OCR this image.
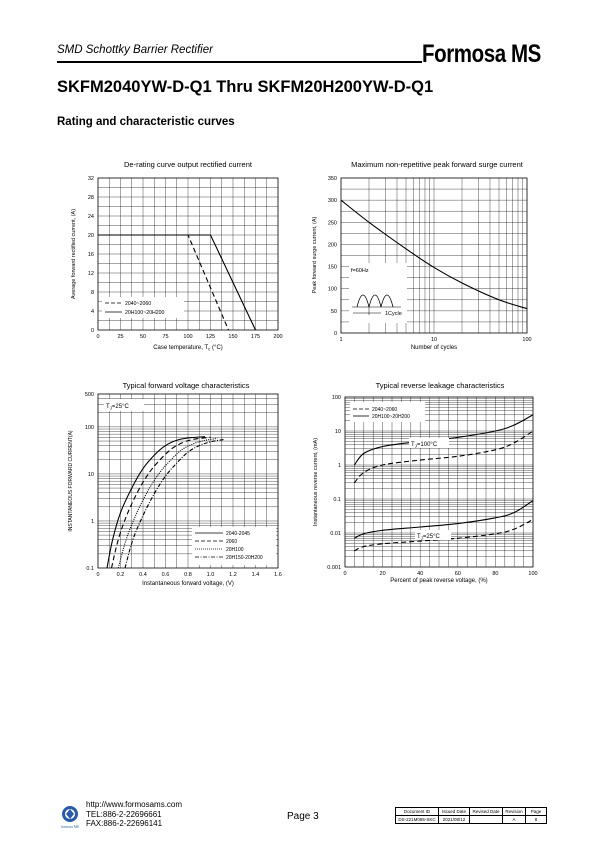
SMD Schottky Barrier Rectifier	Formosa MS
SKFM2040YW-D-Q1 Thru SKFM20H200YW-D-Q1
Rating and characteristic curves
De-rating curve output rectified current
0	25	50	75	100 125 150 175 200
0
4
8
12
16
20
24
28
32
2040~2060
20H100~20H200
Case temperature, $T_c$ (°C)
Average forward rectified current, (A)
Maximum non-repetitive peak forward surge current
1	10	100
0
50
100
150
200
250
300
350
f=60Hz
1Cycle
Number of cycles
Peak forward surge current, (A)
Typical forward voltage characteristics
0	0.2	0.4	0.6	0.8	1.0	1.2	1.4	1.6
0.1
1
10
100
500
$T_J=25^\circ C$
2040-2045
2060
20H100
20H150-20H200
Instantaneous forward voltage, (V)
INSTANTANEOUS FORWARD CURRENT(A)
Typical reverse leakage characteristics
0	20	40	60	80	100
0.001
0.01
0.1
1
10
100
2040~2060
20H100~20H200
$T_J=100^\circ C$
$T_J=25^\circ C$
Percent of peak reverse voltage, (%)
Instantaneous reverse current, (mA)
formosa MS
http://www.formosams.com
TEL:886-2-22696661
FAX:886-2-22696141
Page 3	Document ID	Issued Date	Revised Date	Revision	Page
DS-221M085-SKC	2021/08/12		A	8
